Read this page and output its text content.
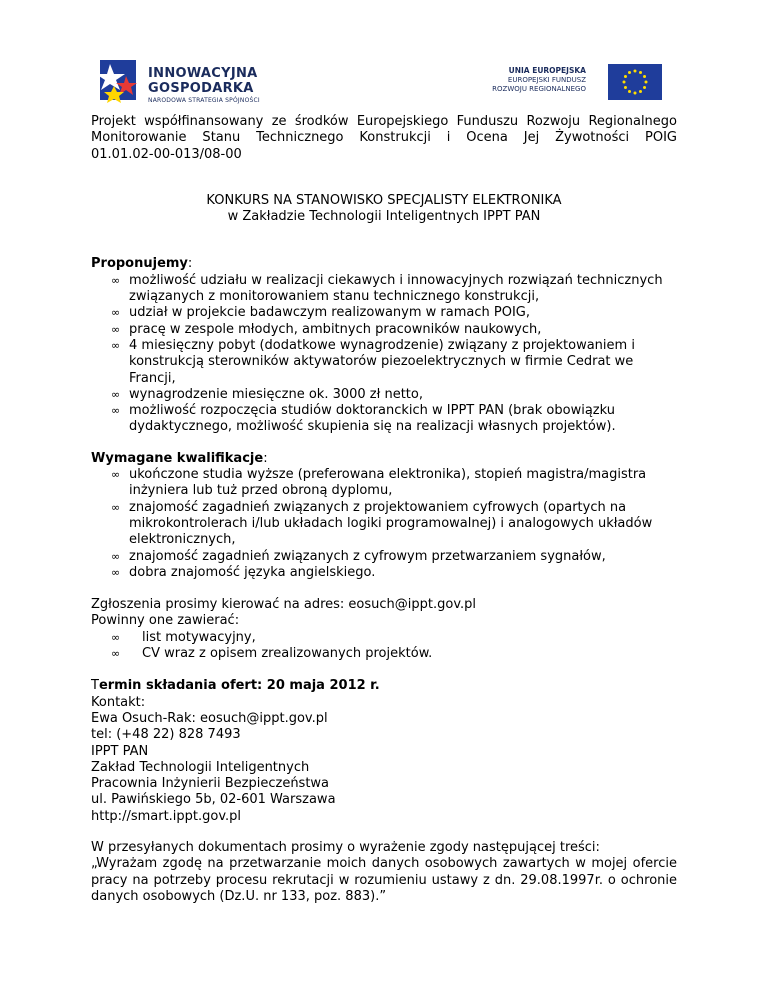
INNOWACYJNA
GOSPODARKA
NARODOWA STRATEGIA SPÓJNOŚCI
UNIA EUROPEJSKA
EUROPEJSKI FUNDUSZ
ROZWOJU REGIONALNEGO

Projekt współfinansowany ze środków Europejskiego Funduszu Rozwoju Regionalnego

Monitorowanie Stanu Technicznego Konstrukcji i Ocena Jej Żywotności POIG

01.01.02-00-013/08-00

KONKURS NA STANOWISKO SPECJALISTY ELEKTRONIKA

w Zakładzie Technologii Inteligentnych IPPT PAN

Proponujemy:

∞ możliwość udziału w realizacji ciekawych i innowacyjnych rozwiązań technicznych związanych z monitorowaniem stanu technicznego konstrukcji,
∞ udział w projekcie badawczym realizowanym w ramach POIG,
∞ pracę w zespole młodych, ambitnych pracowników naukowych,
∞ 4 miesięczny pobyt (dodatkowe wynagrodzenie) związany z projektowaniem i konstrukcją sterowników aktywatorów piezoelektrycznych w firmie Cedrat we Francji,
∞ wynagrodzenie miesięczne ok. 3000 zł netto,
∞ możliwość rozpoczęcia studiów doktoranckich w IPPT PAN (brak obowiązku dydaktycznego, możliwość skupienia się na realizacji własnych projektów).

Wymagane kwalifikacje:

∞ ukończone studia wyższe (preferowana elektronika), stopień magistra/magistra inżyniera lub tuż przed obroną dyplomu,
∞ znajomość zagadnień związanych z projektowaniem cyfrowych (opartych na mikrokontrolerach i/lub układach logiki programowalnej) i analogowych układów elektronicznych,
∞ znajomość zagadnień związanych z cyfrowym przetwarzaniem sygnałów,
∞ dobra znajomość języka angielskiego.

Zgłoszenia prosimy kierować na adres: eosuch@ippt.gov.pl

Powinny one zawierać:

∞ list motywacyjny,
∞ CV wraz z opisem zrealizowanych projektów.

Termin składania ofert: 20 maja 2012 r.

Kontakt:

Ewa Osuch-Rak: eosuch@ippt.gov.pl

tel: (+48 22) 828 7493

IPPT PAN

Zakład Technologii Inteligentnych

Pracownia Inżynierii Bezpieczeństwa

ul. Pawińskiego 5b, 02-601 Warszawa

http://smart.ippt.gov.pl

W przesyłanych dokumentach prosimy o wyrażenie zgody następującej treści:

„Wyrażam zgodę na przetwarzanie moich danych osobowych zawartych w mojej ofercie pracy na potrzeby procesu rekrutacji w rozumieniu ustawy z dn. 29.08.1997r. o ochronie danych osobowych (Dz.U. nr 133, poz. 883).”
